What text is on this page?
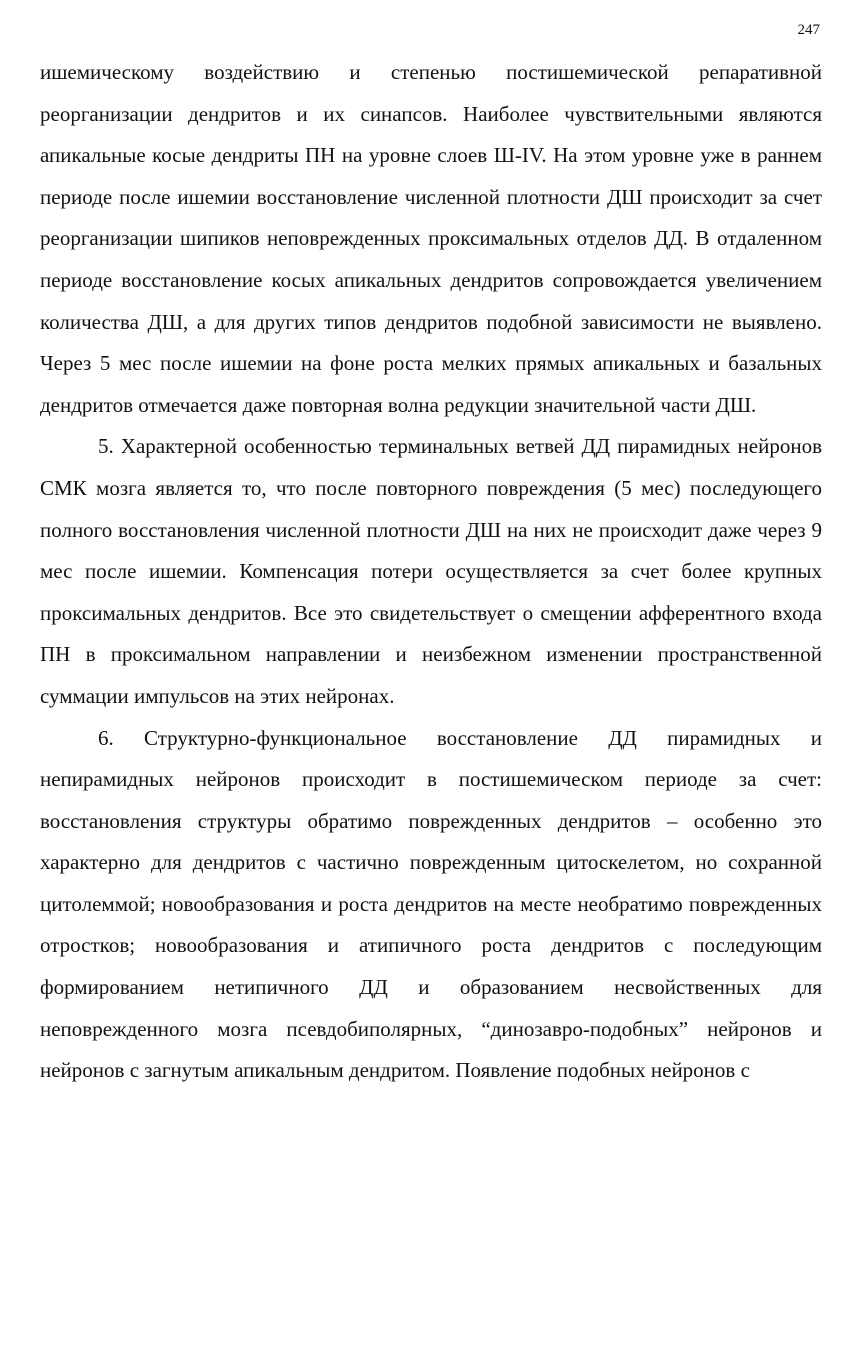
247

ишемическому воздействию и степенью постишемической репаративной реорганизации дендритов и их синапсов. Наиболее чувствительными являются апикальные косые дендриты ПН на уровне слоев Ш-IV. На этом уровне уже в раннем периоде после ишемии восстановление численной плотности ДШ происходит за счет реорганизации шипиков неповрежденных проксимальных отделов ДД. В отдаленном периоде восстановление косых апикальных дендритов сопровождается увеличением количества ДШ, а для других типов дендритов подобной зависимости не выявлено. Через 5 мес после ишемии на фоне роста мелких прямых апикальных и базальных дендритов отмечается даже повторная волна редукции значительной части ДШ.

5. Характерной особенностью терминальных ветвей ДД пирамидных нейронов СМК мозга является то, что после повторного повреждения (5 мес) последующего полного восстановления численной плотности ДШ на них не происходит даже через 9 мес после ишемии. Компенсация потери осуществляется за счет более крупных проксимальных дендритов. Все это свидетельствует о смещении афферентного входа ПН в проксимальном направлении и неизбежном изменении пространственной суммации импульсов на этих нейронах.

6. Структурно-функциональное восстановление ДД пирамидных и непирамидных нейронов происходит в постишемическом периоде за счет: восстановления структуры обратимо поврежденных дендритов – особенно это характерно для дендритов с частично поврежденным цитоскелетом, но сохранной цитолеммой; новообразования и роста дендритов на месте необратимо поврежденных отростков; новообразования и атипичного роста дендритов с последующим формированием нетипичного ДД и образованием несвойственных для неповрежденного мозга псевдобиполярных, “динозавро-подобных” нейронов и нейронов с загнутым апикальным дендритом. Появление подобных нейронов с
